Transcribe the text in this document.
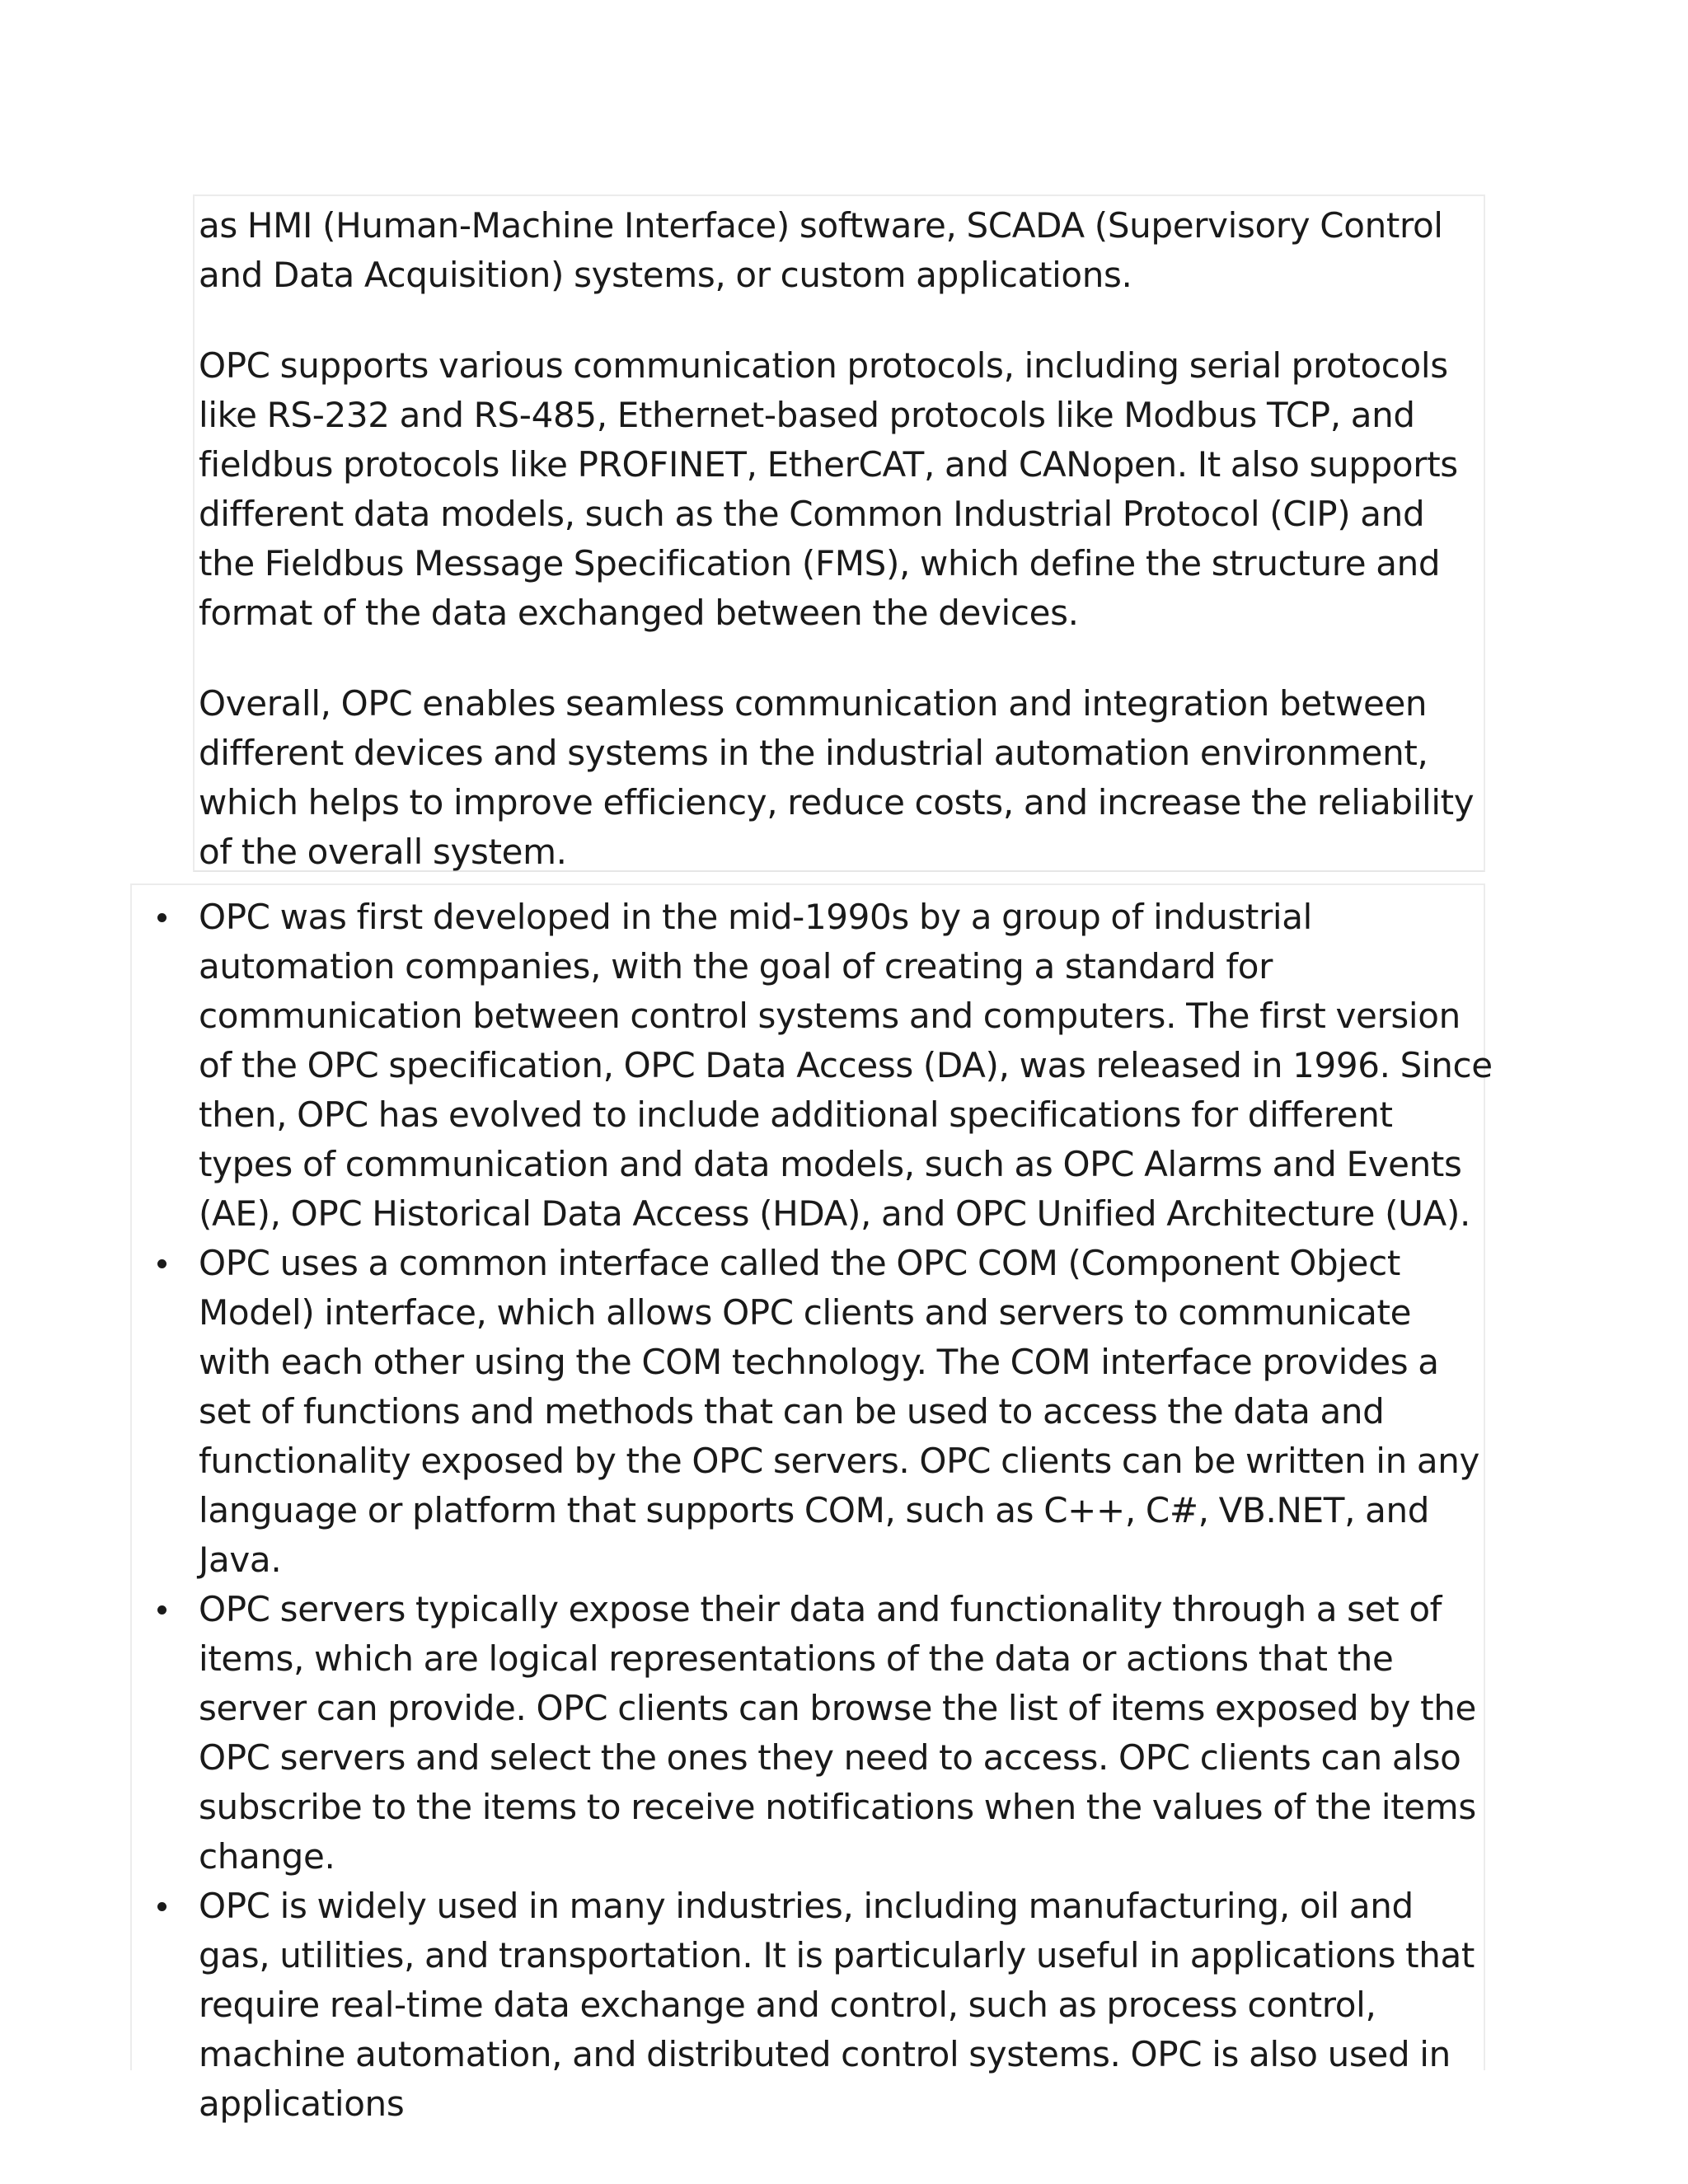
as HMI (Human-Machine Interface) software, SCADA (Supervisory Control and Data Acquisition) systems, or custom applications.

OPC supports various communication protocols, including serial protocols like RS-232 and RS-485, Ethernet-based protocols like Modbus TCP, and fieldbus protocols like PROFINET, EtherCAT, and CANopen. It also supports different data models, such as the Common Industrial Protocol (CIP) and the Fieldbus Message Specification (FMS), which define the structure and format of the data exchanged between the devices.

Overall, OPC enables seamless communication and integration between different devices and systems in the industrial automation environment, which helps to improve efficiency, reduce costs, and increase the reliability of the overall system.

OPC was first developed in the mid-1990s by a group of industrial automation companies, with the goal of creating a standard for communication between control systems and computers. The first version of the OPC specification, OPC Data Access (DA), was released in 1996. Since then, OPC has evolved to include additional specifications for different types of communication and data models, such as OPC Alarms and Events (AE), OPC Historical Data Access (HDA), and OPC Unified Architecture (UA).
OPC uses a common interface called the OPC COM (Component Object Model) interface, which allows OPC clients and servers to communicate with each other using the COM technology. The COM interface provides a set of functions and methods that can be used to access the data and functionality exposed by the OPC servers. OPC clients can be written in any language or platform that supports COM, such as C++, C#, VB.NET, and Java.
OPC servers typically expose their data and functionality through a set of items, which are logical representations of the data or actions that the server can provide. OPC clients can browse the list of items exposed by the OPC servers and select the ones they need to access. OPC clients can also subscribe to the items to receive notifications when the values of the items change.
OPC is widely used in many industries, including manufacturing, oil and gas, utilities, and transportation. It is particularly useful in applications that require real-time data exchange and control, such as process control, machine automation, and distributed control systems. OPC is also used in applications
